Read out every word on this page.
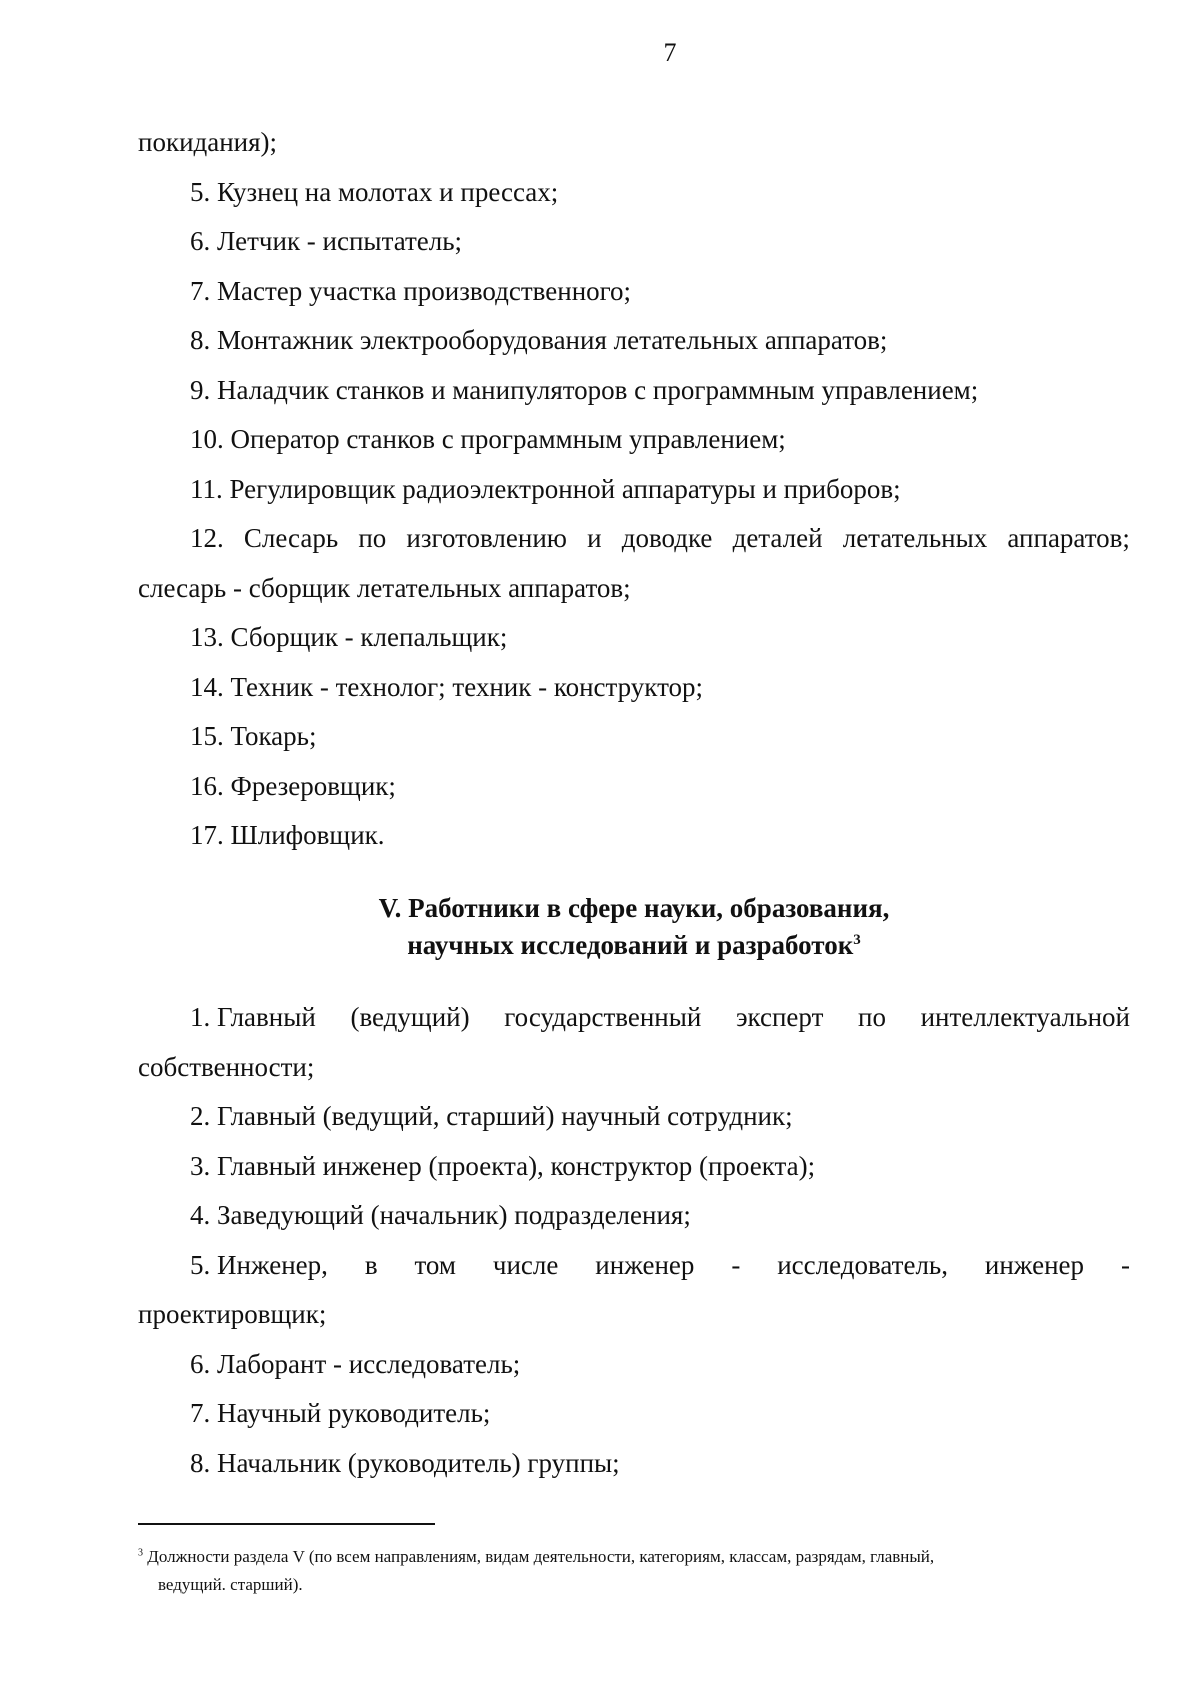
7
покидания);
5. Кузнец на молотах и прессах;
6. Летчик - испытатель;
7. Мастер участка производственного;
8. Монтажник электрооборудования летательных аппаратов;
9. Наладчик станков и манипуляторов с программным управлением;
10. Оператор станков с программным управлением;
11. Регулировщик радиоэлектронной аппаратуры и приборов;
12. Слесарь по изготовлению и доводке деталей летательных аппаратов;
слесарь - сборщик летательных аппаратов;
13. Сборщик - клепальщик;
14. Техник - технолог; техник - конструктор;
15. Токарь;
16. Фрезеровщик;
17. Шлифовщик.
V. Работники в сфере науки, образования,
научных исследований и разработок$^3$
1. Главный (ведущий) государственный эксперт по интеллектуальной
собственности;
2. Главный (ведущий, старший) научный сотрудник;
3. Главный инженер (проекта), конструктор (проекта);
4. Заведующий (начальник) подразделения;
5. Инженер, в том числе инженер - исследователь, инженер -
проектировщик;
6. Лаборант - исследователь;
7. Научный руководитель;
8. Начальник (руководитель) группы;
$^3$ Должности раздела V (по всем направлениям, видам деятельности, категориям, классам, разрядам, главный,
ведущий. старший).
